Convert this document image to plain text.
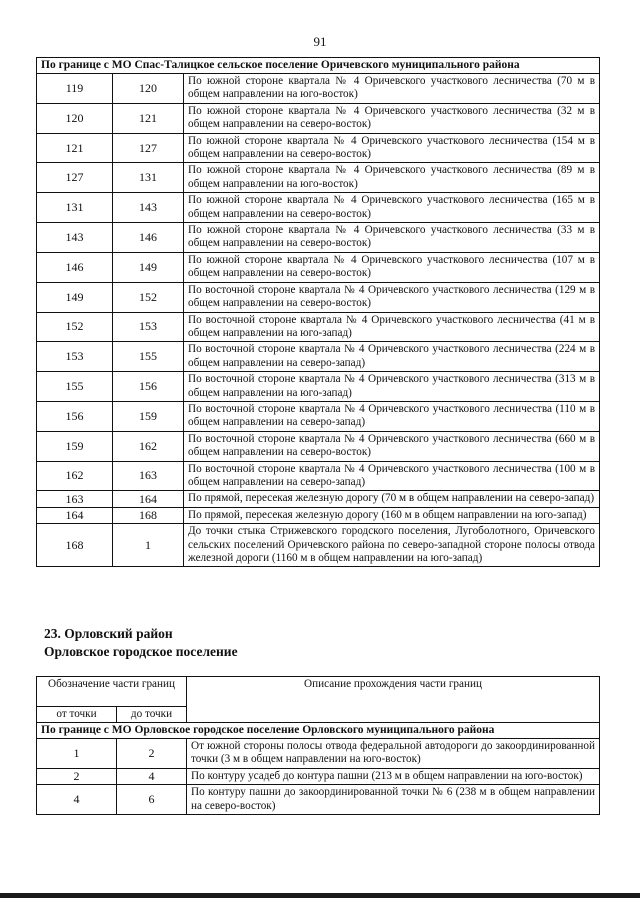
91
По границе с МО Спас-Талицкое сельское поселение Оричевского муниципального района		
119	120	По южной стороне квартала № 4 Оричевского участкового лесничества (70 м в общем направлении на юго-восток)
120	121	По южной стороне квартала № 4 Оричевского участкового лесничества (32 м в общем направлении на северо-восток)
121	127	По южной стороне квартала № 4 Оричевского участкового лесничества (154 м в общем направлении на северо-восток)
127	131	По южной стороне квартала № 4 Оричевского участкового лесничества (89 м в общем направлении на юго-восток)
131	143	По южной стороне квартала № 4 Оричевского участкового лесничества (165 м в общем направлении на северо-восток)
143	146	По южной стороне квартала № 4 Оричевского участкового лесничества (33 м в общем направлении на северо-восток)
146	149	По южной стороне квартала № 4 Оричевского участкового лесничества (107 м в общем направлении на северо-восток)
149	152	По восточной стороне квартала № 4 Оричевского участкового лесничества (129 м в общем направлении на северо-восток)
152	153	По восточной стороне квартала № 4 Оричевского участкового лесничества (41 м в общем направлении на юго-запад)
153	155	По восточной стороне квартала № 4 Оричевского участкового лесничества (224 м в общем направлении на северо-запад)
155	156	По восточной стороне квартала № 4 Оричевского участкового лесничества (313 м в общем направлении на юго-запад)
156	159	По восточной стороне квартала № 4 Оричевского участкового лесничества (110 м в общем направлении на северо-запад)
159	162	По восточной стороне квартала № 4 Оричевского участкового лесничества (660 м в общем направлении на северо-восток)
162	163	По восточной стороне квартала № 4 Оричевского участкового лесничества (100 м в общем направлении на северо-запад)
163	164	По прямой, пересекая железную дорогу (70 м в общем направлении на северо-запад)
164	168	По прямой, пересекая железную дорогу (160 м в общем направлении на юго-запад)
168	1	До точки стыка Стрижевского городского поселения, Лугоболотного, Оричевского сельских поселений Оричевского района по северо-западной стороне полосы отвода железной дороги (1160 м в общем направлении на юго-запад)
23. Орловский район
Орловское городское поселение
Обозначение части границ		Описание прохождения части границ
от точки	до точки	
По границе с МО Орловское городское поселение Орловского муниципального района		
1	2	От южной стороны полосы отвода федеральной автодороги до закоординированной точки (3 м в общем направлении на юго-восток)
2	4	По контуру усадеб до контура пашни (213 м в общем направлении на юго-восток)
4	6	По контуру пашни до закоординированной точки № 6 (238 м в общем направлении на северо-восток)
